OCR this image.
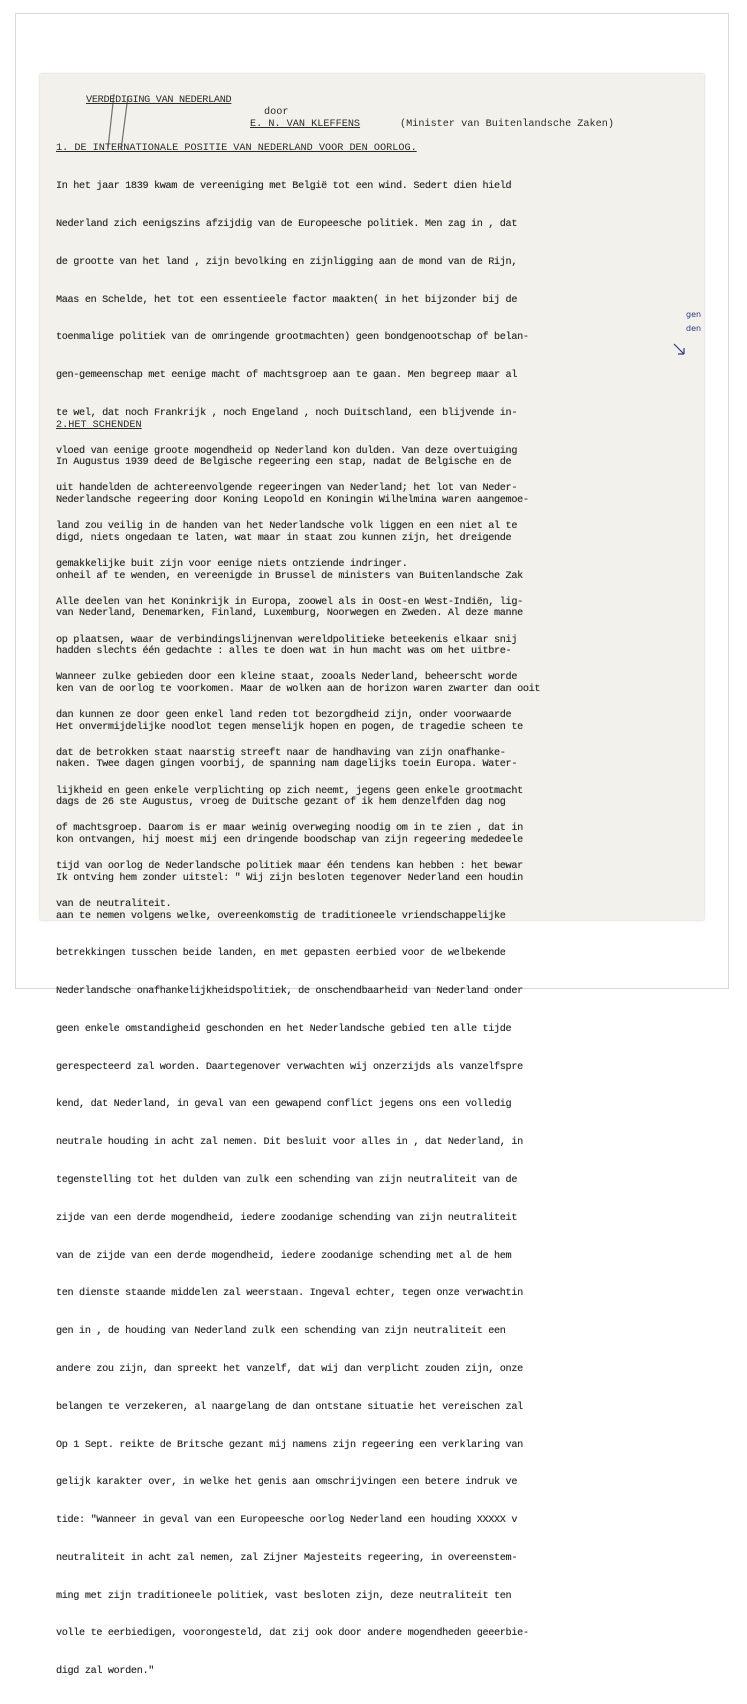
VERDEDIGING VAN NEDERLAND
door
E. N. VAN KLEFFENS	(Minister van Buitenlandsche Zaken)
1. DE INTERNATIONALE POSITIE VAN NEDERLAND VOOR DEN OORLOG.

In het jaar 1839 kwam de vereeniging met België tot een wind. Sedert dien hield

Nederland zich eenigszins afzijdig van de Europeesche politiek. Men zag in , dat

de grootte van het land , zijn bevolking en zijnligging aan de mond van de Rijn,

Maas en Schelde, het tot een essentieele factor maakten( in het bijzonder bij de

toenmalige politiek van de omringende grootmachten) geen bondgenootschap of belan-

gen-gemeenschap met eenige macht of machtsgroep aan te gaan. Men begreep maar al

te wel, dat noch Frankrijk , noch Engeland , noch Duitschland, een blijvende in-

vloed van eenige groote mogendheid op Nederland kon dulden. Van deze overtuiging

uit handelden de achtereenvolgende regeeringen van Nederland; het lot van Neder-

land zou veilig in de handen van het Nederlandsche volk liggen en een niet al te

gemakkelijke buit zijn voor eenige niets ontziende indringer.

Alle deelen van het Koninkrijk in Europa, zoowel als in Oost-en West-Indiën, lig-

op plaatsen, waar de verbindingslijnenvan wereldpolitieke beteekenis elkaar snij

Wanneer zulke gebieden door een kleine staat, zooals Nederland, beheerscht worde

dan kunnen ze door geen enkel land reden tot bezorgdheid zijn, onder voorwaarde

dat de betrokken staat naarstig streeft naar de handhaving van zijn onafhanke-

lijkheid en geen enkele verplichting op zich neemt, jegens geen enkele grootmacht

of machtsgroep. Daarom is er maar weinig overweging noodig om in te zien , dat in

tijd van oorlog de Nederlandsche politiek maar één tendens kan hebben : het bewar

van de neutraliteit.

2.HET SCHENDEN

In Augustus 1939 deed de Belgische regeering een stap, nadat de Belgische en de

Nederlandsche regeering door Koning Leopold en Koningin Wilhelmina waren aangemoe-

digd, niets ongedaan te laten, wat maar in staat zou kunnen zijn, het dreigende

onheil af te wenden, en vereenigde in Brussel de ministers van Buitenlandsche Zak

van Nederland, Denemarken, Finland, Luxemburg, Noorwegen en Zweden. Al deze manne

hadden slechts één gedachte : alles te doen wat in hun macht was om het uitbre-

ken van de oorlog te voorkomen. Maar de wolken aan de horizon waren zwarter dan ooit

Het onvermijdelijke noodlot tegen menselijk hopen en pogen, de tragedie scheen te

naken. Twee dagen gingen voorbij, de spanning nam dagelijks toein Europa. Water-

dags de 26 ste Augustus, vroeg de Duitsche gezant of ik hem denzelfden dag nog

kon ontvangen, hij moest mij een dringende boodschap van zijn regeering mededeele

Ik ontving hem zonder uitstel: " Wij zijn besloten tegenover Nederland een houdin

aan te nemen volgens welke, overeenkomstig de traditioneele vriendschappelijke

betrekkingen tusschen beide landen, en met gepasten eerbied voor de welbekende

Nederlandsche onafhankelijkheidspolitiek, de onschendbaarheid van Nederland onder

geen enkele omstandigheid geschonden en het Nederlandsche gebied ten alle tijde

gerespecteerd zal worden. Daartegenover verwachten wij onzerzijds als vanzelfspre

kend, dat Nederland, in geval van een gewapend conflict jegens ons een volledig

neutrale houding in acht zal nemen. Dit besluit voor alles in , dat Nederland, in

tegenstelling tot het dulden van zulk een schending van zijn neutraliteit van de

zijde van een derde mogendheid, iedere zoodanige schending van zijn neutraliteit

van de zijde van een derde mogendheid, iedere zoodanige schending met al de hem

ten dienste staande middelen zal weerstaan. Ingeval echter, tegen onze verwachtin

gen in , de houding van Nederland zulk een schending van zijn neutraliteit een

andere zou zijn, dan spreekt het vanzelf, dat wij dan verplicht zouden zijn, onze

belangen te verzekeren, al naargelang de dan ontstane situatie het vereischen zal

Op 1 Sept. reikte de Britsche gezant mij namens zijn regeering een verklaring van

gelijk karakter over, in welke het genis aan omschrijvingen een betere indruk ve

tide: "Wanneer in geval van een Europeesche oorlog Nederland een houding XXXXX v

neutraliteit in acht zal nemen, zal Zijner Majesteits regeering, in overeenstem-

ming met zijn traditioneele politiek, vast besloten zijn, deze neutraliteit ten

volle te eerbiedigen, voorongesteld, dat zij ook door andere mogendheden geeerbie-

digd zal worden."

gen
den
